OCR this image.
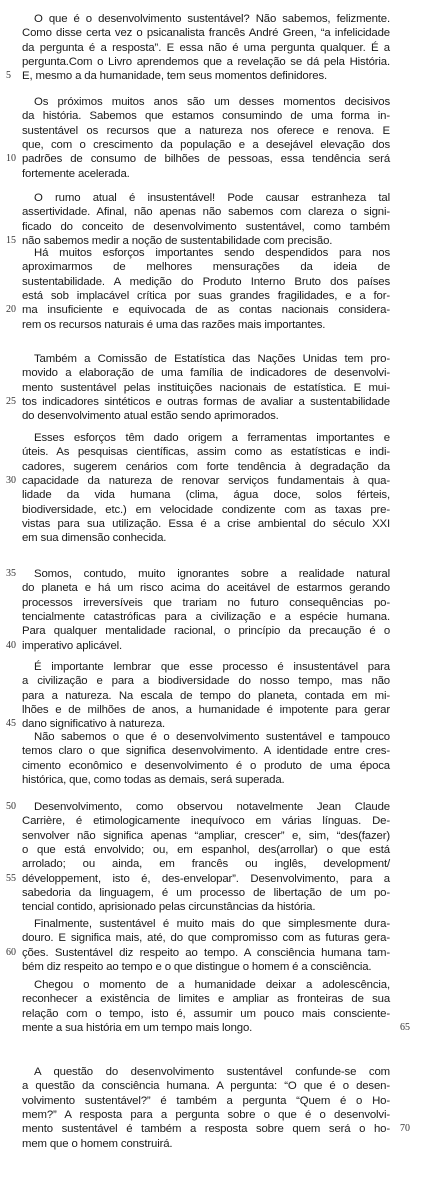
O que é o desenvolvimento sustentável? Não sabemos, felizmente.
Como disse certa vez o psicanalista francês André Green, “a infelicidade
da pergunta é a resposta”. E essa não é uma pergunta qualquer. É a
pergunta.Com o Livro aprendemos que a revelação se dá pela História.
E, mesmo a da humanidade, tem seus momentos definidores.
Os próximos muitos anos são um desses momentos decisivos
da história. Sabemos que estamos consumindo de uma forma in-
sustentável os recursos que a natureza nos oferece e renova. E
que, com o crescimento da população e a desejável elevação dos
padrões de consumo de bilhões de pessoas, essa tendência será
fortemente acelerada.
O rumo atual é insustentável! Pode causar estranheza tal
assertividade. Afinal, não apenas não sabemos com clareza o signi-
ficado do conceito de desenvolvimento sustentável, como também
não sabemos medir a noção de sustentabilidade com precisão.
Há muitos esforços importantes sendo despendidos para nos
aproximarmos de melhores mensurações da ideia de
sustentabilidade. A medição do Produto Interno Bruto dos países
está sob implacável crítica por suas grandes fragilidades, e a for-
ma insuficiente e equivocada de as contas nacionais considera-
rem os recursos naturais é uma das razões mais importantes.
Também a Comissão de Estatística das Nações Unidas tem pro-
movido a elaboração de uma família de indicadores de desenvolvi-
mento sustentável pelas instituições nacionais de estatística. E mui-
tos indicadores sintéticos e outras formas de avaliar a sustentabilidade
do desenvolvimento atual estão sendo aprimorados.
Esses esforços têm dado origem a ferramentas importantes e
úteis. As pesquisas científicas, assim como as estatísticas e indi-
cadores, sugerem cenários com forte tendência à degradação da
capacidade da natureza de renovar serviços fundamentais à qua-
lidade da vida humana (clima, água doce, solos férteis,
biodiversidade, etc.) em velocidade condizente com as taxas pre-
vistas para sua utilização. Essa é a crise ambiental do século XXI
em sua dimensão conhecida.
Somos, contudo, muito ignorantes sobre a realidade natural
do planeta e há um risco acima do aceitável de estarmos gerando
processos irreversíveis que trariam no futuro consequências po-
tencialmente catastróficas para a civilização e a espécie humana.
Para qualquer mentalidade racional, o princípio da precaução é o
imperativo aplicável.
É importante lembrar que esse processo é insustentável para
a civilização e para a biodiversidade do nosso tempo, mas não
para a natureza. Na escala de tempo do planeta, contada em mi-
lhões e de milhões de anos, a humanidade é impotente para gerar
dano significativo à natureza.
Não sabemos o que é o desenvolvimento sustentável e tampouco
temos claro o que significa desenvolvimento. A identidade entre cres-
cimento econômico e desenvolvimento é o produto de uma época
histórica, que, como todas as demais, será superada.
Desenvolvimento, como observou notavelmente Jean Claude
Carrière, é etimologicamente inequívoco em várias línguas. De-
senvolver não significa apenas “ampliar, crescer” e, sim, “des(fazer)
o que está envolvido; ou, em espanhol, des(arrollar) o que está
arrolado; ou ainda, em francês ou inglês, development/
développement, isto é, des-envelopar”. Desenvolvimento, para a
sabedoria da linguagem, é um processo de libertação de um po-
tencial contido, aprisionado pelas circunstâncias da história.
Finalmente, sustentável é muito mais do que simplesmente dura-
douro. E significa mais, até, do que compromisso com as futuras gera-
ções. Sustentável diz respeito ao tempo. A consciência humana tam-
bém diz respeito ao tempo e o que distingue o homem é a consciência.
Chegou o momento de a humanidade deixar a adolescência,
reconhecer a existência de limites e ampliar as fronteiras de sua
relação com o tempo, isto é, assumir um pouco mais consciente-
mente a sua história em um tempo mais longo.
A questão do desenvolvimento sustentável confunde-se com
a questão da consciência humana. A pergunta: “O que é o desen-
volvimento sustentável?” é também a pergunta “Quem é o Ho-
mem?” A resposta para a pergunta sobre o que é o desenvolvi-
mento sustentável é também a resposta sobre quem será o ho-
mem que o homem construirá.
5
10
15
20
25
30
35
40
45
50
55
60
65
70
